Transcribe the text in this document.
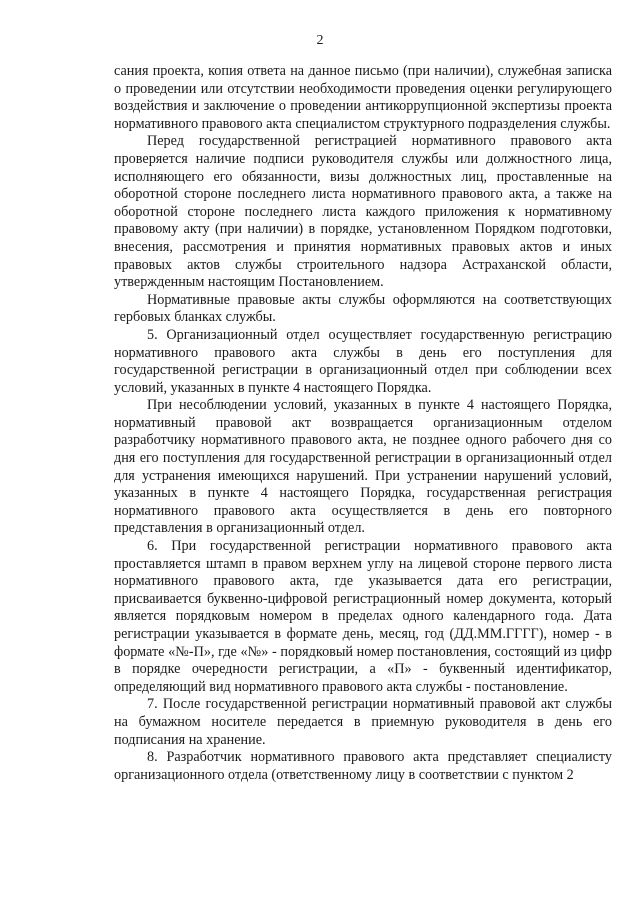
2

сания проекта, копия ответа на данное письмо (при наличии), служебная записка о проведении или отсутствии необходимости проведения оценки регулирующего воздействия и заключение о проведении антикоррупционной экспертизы проекта нормативного правового акта специалистом структурного подразделения службы.

Перед государственной регистрацией нормативного правового акта проверяется наличие подписи руководителя службы или должностного лица, исполняющего его обязанности, визы должностных лиц, проставленные на оборотной стороне последнего листа нормативного правового акта, а также на оборотной стороне последнего листа каждого приложения к нормативному правовому акту (при наличии) в порядке, установленном Порядком подготовки, внесения, рассмотрения и принятия нормативных правовых актов и иных правовых актов службы строительного надзора Астраханской области, утвержденным настоящим Постановлением.

Нормативные правовые акты службы оформляются на соответствующих гербовых бланках службы.

5. Организационный отдел осуществляет государственную регистрацию нормативного правового акта службы в день его поступления для государственной регистрации в организационный отдел при соблюдении всех условий, указанных в пункте 4 настоящего Порядка.

При несоблюдении условий, указанных в пункте 4 настоящего Порядка, нормативный правовой акт возвращается организационным отделом разработчику нормативного правового акта, не позднее одного рабочего дня со дня его поступления для государственной регистрации в организационный отдел для устранения имеющихся нарушений. При устранении нарушений условий, указанных в пункте 4 настоящего Порядка, государственная регистрация нормативного правового акта осуществляется в день его повторного представления в организационный отдел.

6. При государственной регистрации нормативного правового акта проставляется штамп в правом верхнем углу на лицевой стороне первого листа нормативного правового акта, где указывается дата его регистрации, присваивается буквенно-цифровой регистрационный номер документа, который является порядковым номером в пределах одного календарного года. Дата регистрации указывается в формате день, месяц, год (ДД.ММ.ГГГГ), номер - в формате «№-П», где «№» - порядковый номер постановления, состоящий из цифр в порядке очередности регистрации, а «П» - буквенный идентификатор, определяющий вид нормативного правового акта службы - постановление.

7. После государственной регистрации нормативный правовой акт службы на бумажном носителе передается в приемную руководителя в день его подписания на хранение.

8. Разработчик нормативного правового акта представляет специалисту организационного отдела (ответственному лицу в соответствии с пунктом 2
